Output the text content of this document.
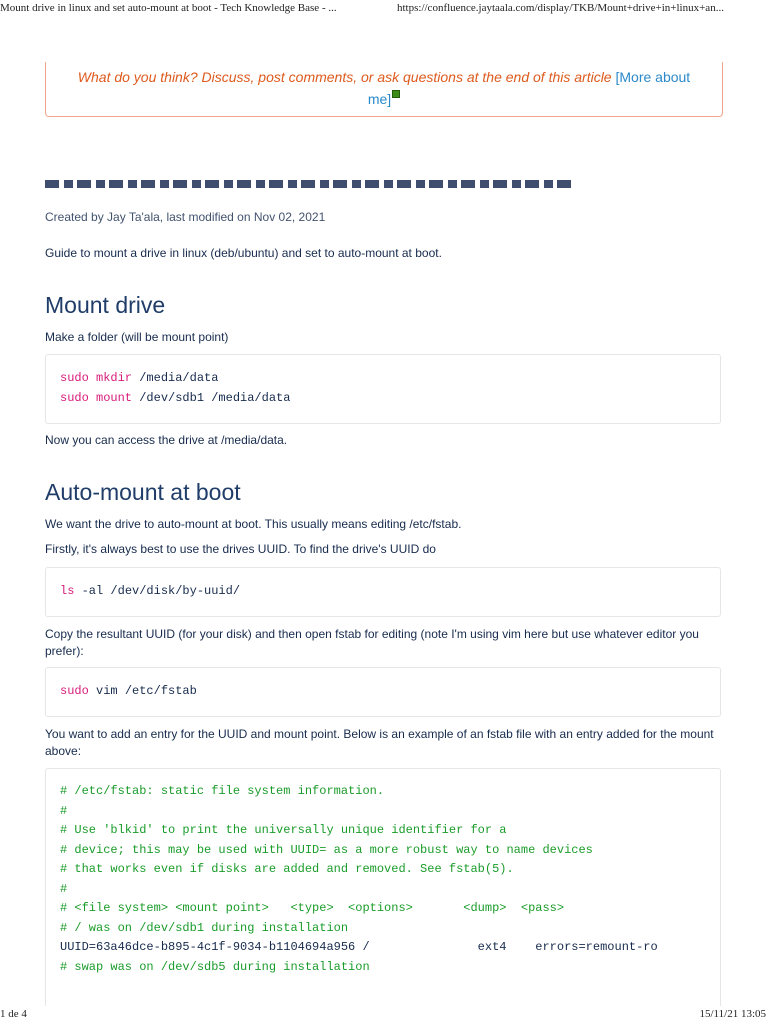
Mount drive in linux and set auto-mount at boot - Tech Knowledge Base - ...	https://confluence.jaytaala.com/display/TKB/Mount+drive+in+linux+an...
What do you think? Discuss, post comments, or ask questions at the end of this article [More about me]
Created by Jay Ta'ala, last modified on Nov 02, 2021

Guide to mount a drive in linux (deb/ubuntu) and set to auto-mount at boot.

Mount drive

Make a folder (will be mount point)

sudo mkdir /media/data
sudo mount /dev/sdb1 /media/data

Now you can access the drive at /media/data.

Auto-mount at boot

We want the drive to auto-mount at boot. This usually means editing /etc/fstab.

Firstly, it's always best to use the drives UUID. To find the drive's UUID do

ls -al /dev/disk/by-uuid/

Copy the resultant UUID (for your disk) and then open fstab for editing (note I'm using vim here but use whatever editor you prefer):

sudo vim /etc/fstab

You want to add an entry for the UUID and mount point. Below is an example of an fstab file with an entry added for the mount above:

# /etc/fstab: static file system information.
#
# Use 'blkid' to print the universally unique identifier for a
# device; this may be used with UUID= as a more robust way to name devices
# that works even if disks are added and removed. See fstab(5).
#
# <file system> <mount point>   <type>  <options>       <dump>  <pass>
# / was on /dev/sdb1 during installation
UUID=63a46dce-b895-4c1f-9034-b1104694a956 /               ext4    errors=remount-ro
# swap was on /dev/sdb5 during installation
1 de 4	15/11/21 13:05
